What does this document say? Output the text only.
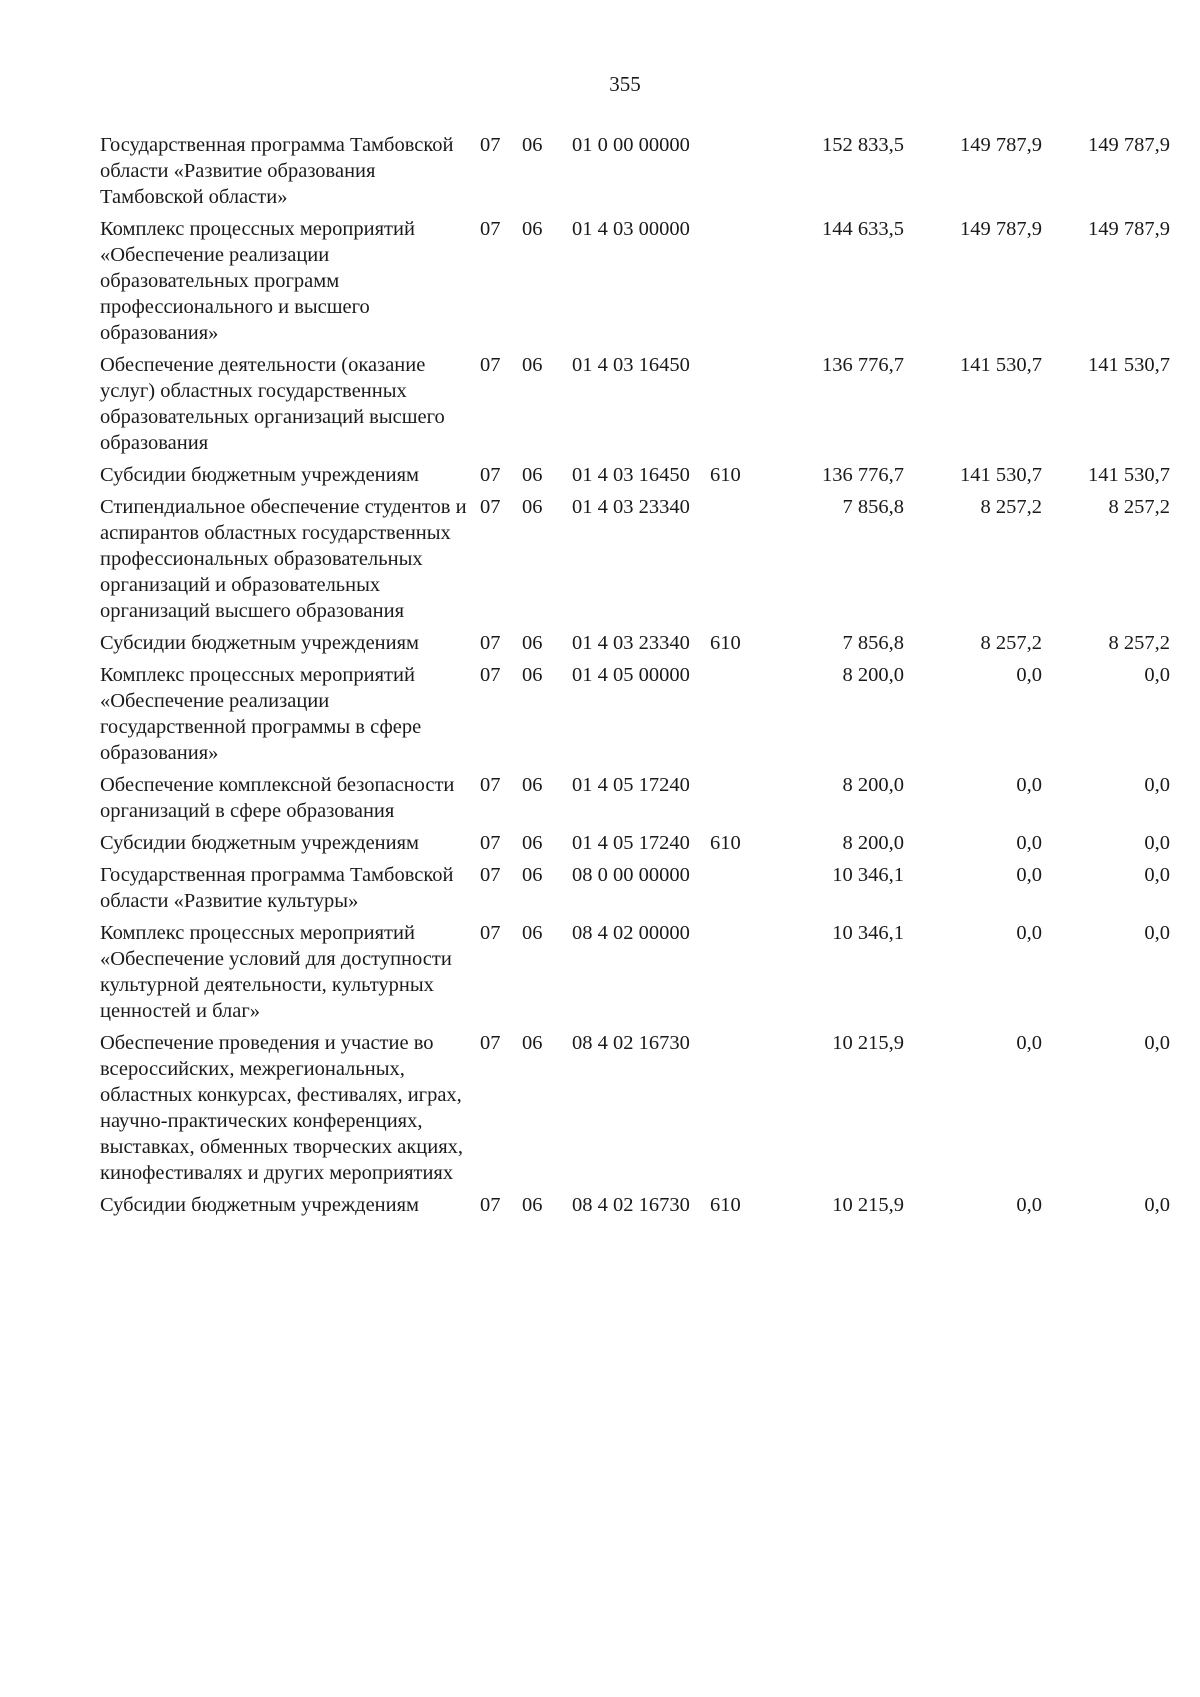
355
Государственная программа Тамбовской области «Развитие образования Тамбовской области»	07	06	01 0 00 00000		152 833,5	149 787,9	149 787,9
Комплекс процессных мероприятий «Обеспечение реализации образовательных программ профессионального и высшего образования»	07	06	01 4 03 00000		144 633,5	149 787,9	149 787,9
Обеспечение деятельности (оказание услуг) областных государственных образовательных организаций высшего образования	07	06	01 4 03 16450		136 776,7	141 530,7	141 530,7
Субсидии бюджетным учреждениям	07	06	01 4 03 16450	610	136 776,7	141 530,7	141 530,7
Стипендиальное обеспечение студентов и аспирантов областных государственных профессиональных образовательных организаций и образовательных организаций высшего образования	07	06	01 4 03 23340		7 856,8	8 257,2	8 257,2
Субсидии бюджетным учреждениям	07	06	01 4 03 23340	610	7 856,8	8 257,2	8 257,2
Комплекс процессных мероприятий «Обеспечение реализации государственной программы в сфере образования»	07	06	01 4 05 00000		8 200,0	0,0	0,0
Обеспечение комплексной безопасности организаций в сфере образования	07	06	01 4 05 17240		8 200,0	0,0	0,0
Субсидии бюджетным учреждениям	07	06	01 4 05 17240	610	8 200,0	0,0	0,0
Государственная программа Тамбовской области «Развитие культуры»	07	06	08 0 00 00000		10 346,1	0,0	0,0
Комплекс процессных мероприятий «Обеспечение условий для доступности культурной деятельности, культурных ценностей и благ»	07	06	08 4 02 00000		10 346,1	0,0	0,0
Обеспечение проведения и участие во всероссийских, межрегиональных, областных конкурсах, фестивалях, играх, научно-практических конференциях, выставках, обменных творческих акциях, кинофестивалях и других мероприятиях	07	06	08 4 02 16730		10 215,9	0,0	0,0
Субсидии бюджетным учреждениям	07	06	08 4 02 16730	610	10 215,9	0,0	0,0
